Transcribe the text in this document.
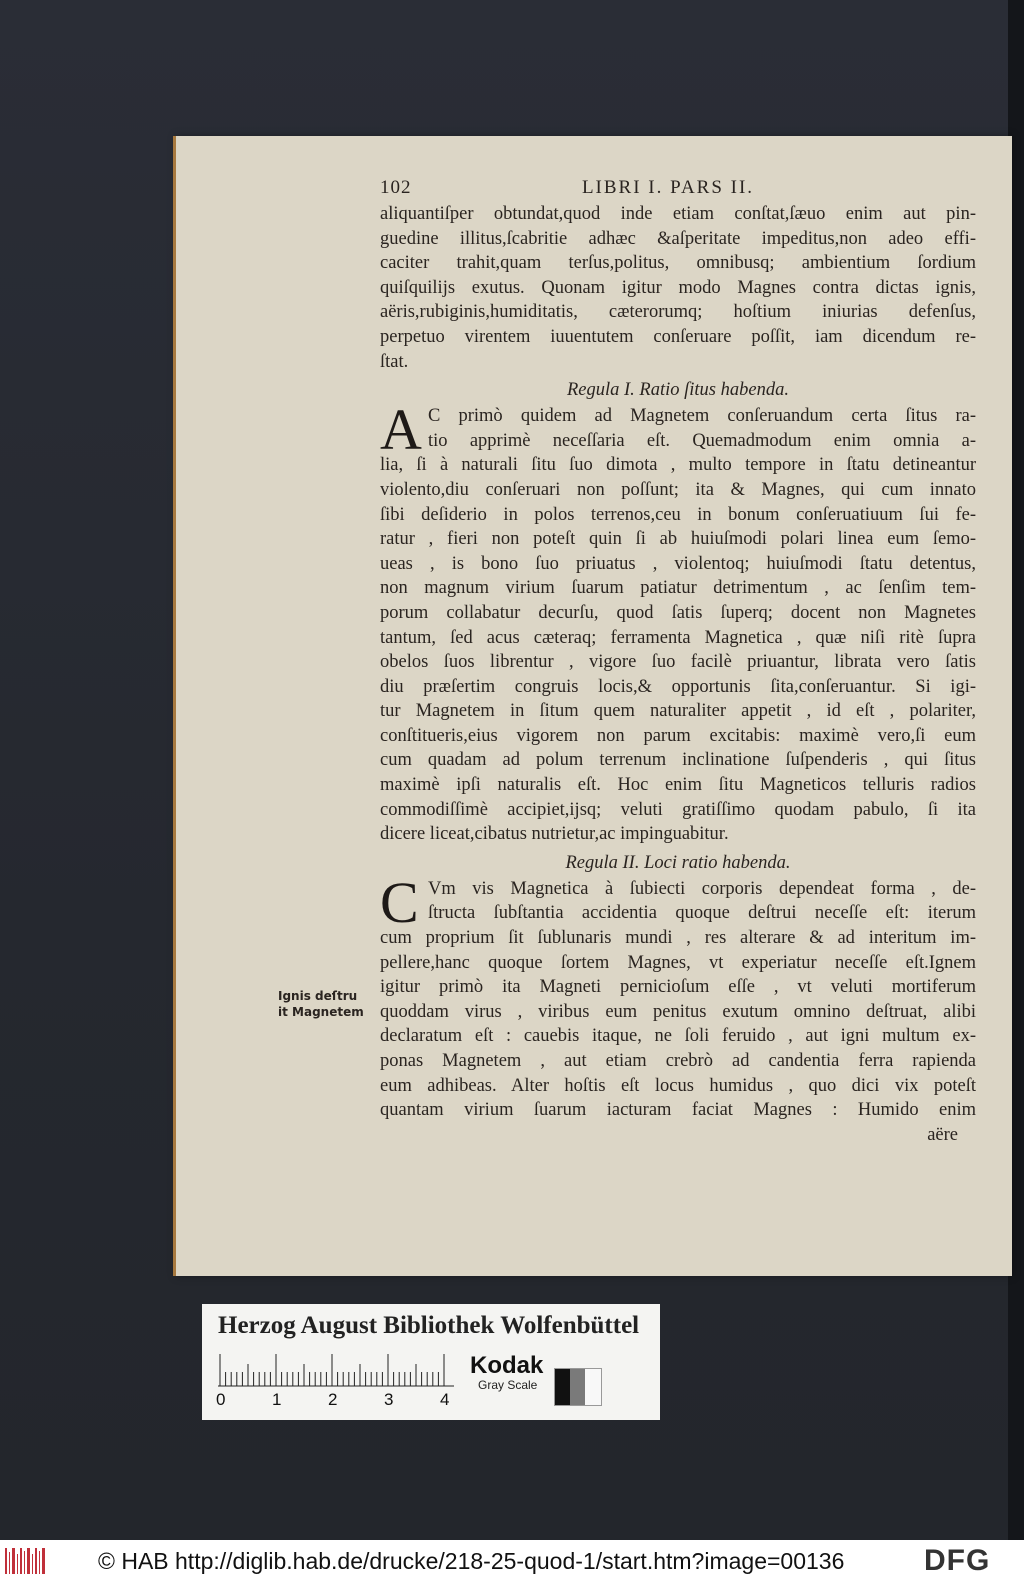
Ignis deſtru
it Magnetem
102	LIBRI I. PARS II.
aliquantiſper obtundat,quod inde etiam conſtat,ſæuo enim aut pin-
guedine illitus,ſcabritie adhæc &aſperitate impeditus,non adeo effi-
caciter trahit,quam terſus,politus, omnibusq; ambientium ſordium
quiſquilijs exutus. Quonam igitur modo Magnes contra dictas ignis,
aëris,rubiginis,humiditatis, cæterorumq; hoſtium iniurias defenſus,
perpetuo virentem iuuentutem conſeruare poſſit, iam dicendum re-
ſtat.
Regula I. Ratio ſitus habenda.
A C primò quidem ad Magnetem conſeruandum certa ſitus ra-
tio apprimè neceſſaria eſt. Quemadmodum enim omnia a-
lia, ſi à naturali ſitu ſuo dimota , multo tempore in ſtatu detineantur
violento,diu conſeruari non poſſunt; ita & Magnes, qui cum innato
ſibi deſiderio in polos terrenos,ceu in bonum conſeruatiuum ſui fe-
ratur , fieri non poteſt quin ſi ab huiuſmodi polari linea eum ſemo-
ueas , is bono ſuo priuatus , violentoq; huiuſmodi ſtatu detentus,
non magnum virium ſuarum patiatur detrimentum , ac ſenſim tem-
porum collabatur decurſu, quod ſatis ſuperq; docent non Magnetes
tantum, ſed acus cæteraq; ferramenta Magnetica , quæ niſi ritè ſupra
obelos ſuos librentur , vigore ſuo facilè priuantur, librata vero ſatis
diu præſertim congruis locis,& opportunis ſita,conſeruantur. Si igi-
tur Magnetem in ſitum quem naturaliter appetit , id eſt , polariter,
conſtitueris,eius vigorem non parum excitabis: maximè vero,ſi eum
cum quadam ad polum terrenum inclinatione ſuſpenderis , qui ſitus
maximè ipſi naturalis eſt. Hoc enim ſitu Magneticos telluris radios
commodiſſimè accipiet,ijsq; veluti gratiſſimo quodam pabulo, ſi ita
dicere liceat,cibatus nutrietur,ac impinguabitur.
Regula II. Loci ratio habenda.
C Vm vis Magnetica à ſubiecti corporis dependeat forma , de-
ſtructa ſubſtantia accidentia quoque deſtrui neceſſe eſt: iterum
cum proprium ſit ſublunaris mundi , res alterare & ad interitum im-
pellere,hanc quoque ſortem Magnes, vt experiatur neceſſe eſt.Ignem
igitur primò ita Magneti pernicioſum eſſe , vt veluti mortiferum
quoddam virus , viribus eum penitus exutum omnino deſtruat, alibi
declaratum eſt : cauebis itaque, ne ſoli feruido , aut igni multum ex-
ponas Magnetem , aut etiam crebrò ad candentia ferra rapienda
eum adhibeas. Alter hoſtis eſt locus humidus , quo dici vix poteſt
quantam virium ſuarum iacturam faciat Magnes : Humido enim
aëre
Herzog August Bibliothek Wolfenbüttel
0	1	2	3	4
Kodak
Gray Scale
© HAB http://diglib.hab.de/drucke/218-25-quod-1/start.htm?image=00136	DFG
